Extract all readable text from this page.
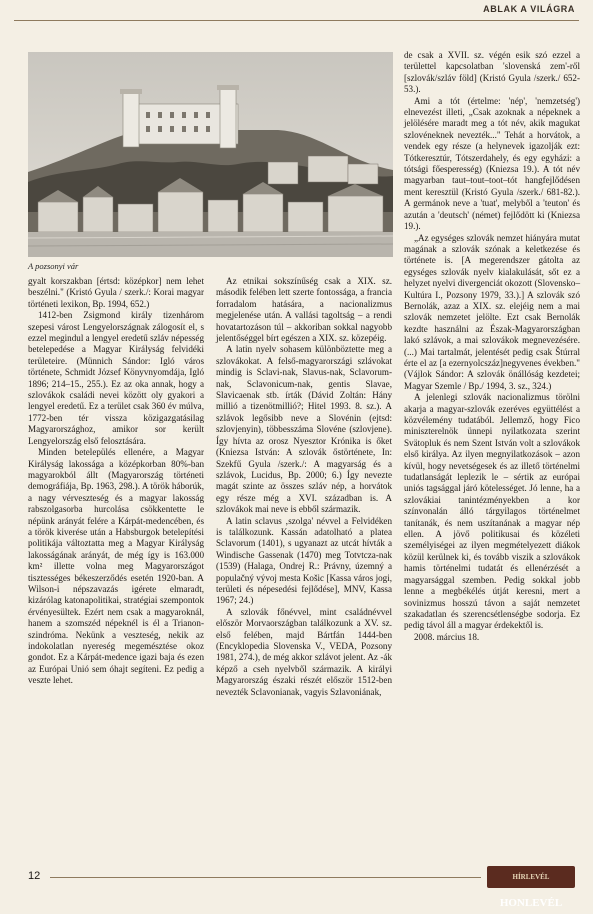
ABLAK A VILÁGRA
A pozsonyi vár

gyalt korszakban [értsd: középkor] nem lehet beszélni." (Kristó Gyula / szerk./: Korai magyar történeti lexikon, Bp. 1994, 652.)

1412-ben Zsigmond király tizenhárom szepesi várost Lengyelországnak zálogosít el, s ezzel megindul a lengyel eredetű szláv népesség betelepedése a Magyar Királyság felvidéki területeire. (Münnich Sándor: Igló város története, Schmidt József Könyvnyomdája, Igló 1896; 214–15., 255.). Ez az oka annak, hogy a szlovákok családi nevei között oly gyakori a lengyel eredetű. Ez a terület csak 360 év múlva, 1772-ben tér vissza közigazgatásilag Magyarországhoz, amikor sor került Lengyelország első felosztására.

Minden betelepülés ellenére, a Magyar Királyság lakossága a középkorban 80%-ban magyarokból állt (Magyarország történeti demográfiája, Bp. 1963, 298.). A török háborúk, a nagy vérveszteség és a magyar lakosság rabszolgasorba hurcolása csökkentette le népünk arányát felére a Kárpát-medencében, és a török kiverése után a Habsburgok betelepítési politikája változtatta meg a Magyar Királyság lakosságának arányát, de még így is 163.000 km² illette volna meg Magyarországot tisztességes békeszerződés esetén 1920-ban. A Wilson-i népszavazás igérete elmaradt, kizárólag katonapolitikai, stratégiai szempontok érvényesültek. Ezért nem csak a magyaroknál, hanem a szomszéd népeknél is él a Trianon-szindróma. Nekünk a veszteség, nekik az indokolatlan nyereség megemésztése okoz gondot. Ez a Kárpát-medence igazi baja és ezen az Európai Unió sem óhajt segíteni. Ez pedig a veszte lehet.

Az etnikai sokszínűség csak a XIX. sz. második felében lett szerte fontossága, a francia forradalom hatására, a nacionalizmus megjelenése után. A vallási tagoltság – a rendi hovatartozáson túl – akkoriban sokkal nagyobb jelentőséggel bírt egészen a XIX. sz. közepéig.

A latin nyelv sohasem különböztette meg a szlovákokat. A felső-magyarországi szlávokat mindig is Sclavi-nak, Slavus-nak, Sclavorum-nak, Sclavonicum-nak, gentis Slavae, Slavicaenak stb. írták (Dávid Zoltán: Hány millió a tizenötmillió?; Hitel 1993. 8. sz.). A szlávok legősibb neve a Slovénin (ejtsd: szlovjenyin), többesszáma Slovéne (szlovjene). Így hívta az orosz Nyesztor Krónika is őket (Kniezsa István: A szlovák őstörténete, In: Szekfű Gyula /szerk./: A magyarság és a szlávok, Lucidus, Bp. 2000; 6.) Így nevezte magát szinte az összes szláv nép, a horvátok egy része még a XVI. században is. A szlovákok mai neve is ebből származik.

A latin sclavus ‚szolga' névvel a Felvidéken is találkozunk. Kassán adatolható a platea Sclavorum (1401), s ugyanazt az utcát hívták a Windische Gassenak (1470) meg Totvtcza-nak (1539) (Halaga, Ondrej R.: Právny, územný a populačný vývoj mesta Košic [Kassa város jogi, területi és népesedési fejlődése], MNV, Kassa 1967; 24.)

A szlovák főnévvel, mint családnévvel először Morvaországban találkozunk a XV. sz. első felében, majd Bártfán 1444-ben (Encyklopedia Slovenska V., VEDA, Pozsony 1981, 274.), de még akkor szlávot jelent. Az -ák képző a cseh nyelvből származik. A királyi Magyarország északi részét először 1512-ben nevezték Sclavonianak, vagyis Szlavoniának,

de csak a XVII. sz. végén esik szó ezzel a területtel kapcsolatban 'slovenská zem'-ről [szlovák/szláv föld] (Kristó Gyula /szerk./ 652-53.).

Ami a tót (értelme: 'nép', 'nemzetség') elnevezést illeti, „Csak azoknak a népeknek a jelölésére maradt meg a tót név, akik magukat szlovéneknek nevezték..." Tehát a horvátok, a vendek egy része (a helynevek igazolják ezt: Tótkeresztúr, Tótszerdahely, és egy egyházi: a tótsági főesperesség) (Kniezsa 19.). A tót név magyarban taut–tout–toot–tót hangfejlődésen ment keresztül (Kristó Gyula /szerk./ 681-82.). A germánok neve a 'tuat', melyből a 'teuton' és azután a 'deutsch' (német) fejlődött ki (Kniezsa 19.).

„Az egységes szlovák nemzet hiányára mutat magának a szlovák szónak a keletkezése és története is. [A megerendszer gátolta az egységes szlovák nyelv kialakulását, sőt ez a helyzet nyelvi divergenciát okozott (Slovensko–Kultúra I., Pozsony 1979, 33.).] A szlovák szó Bernolák, azaz a XIX. sz. elejéig nem a mai szlovák nemzetet jelölte. Ezt csak Bernolák kezdte használni az Észak-Magyarországban lakó szlávok, a mai szlovákok megnevezésére. (...) Mai tartalmát, jelentését pedig csak Štúrral érte el az [a ezernyolcszáz]negyvenes években." (Vájlok Sándor: A szlovák önállóság kezdetei; Magyar Szemle / Bp./ 1994, 3. sz., 324.)

A jelenlegi szlovák nacionalizmus törölni akarja a magyar-szlovák ezeréves együttélést a közvélemény tudatából. Jellemző, hogy Fico miniszterelnök ünnepi nyilatkozata szerint Svätopluk és nem Szent István volt a szlovákok első királya. Az ilyen megnyilatkozások – azon kívül, hogy nevetségesek és az illető történelmi tudatlanságát leplezik le – sértik az európai uniós tagsággal járó kötelességet. Jó lenne, ha a szlovákiai tanintézményekben a kor színvonalán álló tárgyilagos történelmet tanítanák, és nem uszítanának a magyar nép ellen. A jövő politikusai és közéleti személyiségei az ilyen megmételyezett diákok közül kerülnek ki, és tovább viszik a szlovákok hamis történelmi tudatát és ellenérzését a magyarsággal szemben. Pedig sokkal jobb lenne a megbékélés útját keresni, mert a sovinizmus hosszú távon a saját nemzetet szakadatlan és szerencsétlenségbe sodorja. Ez pedig távol áll a magyar érdekektől is.

2008. március 18.

12	$^{HÍRLEVÉL}$ HONLEVÉL
